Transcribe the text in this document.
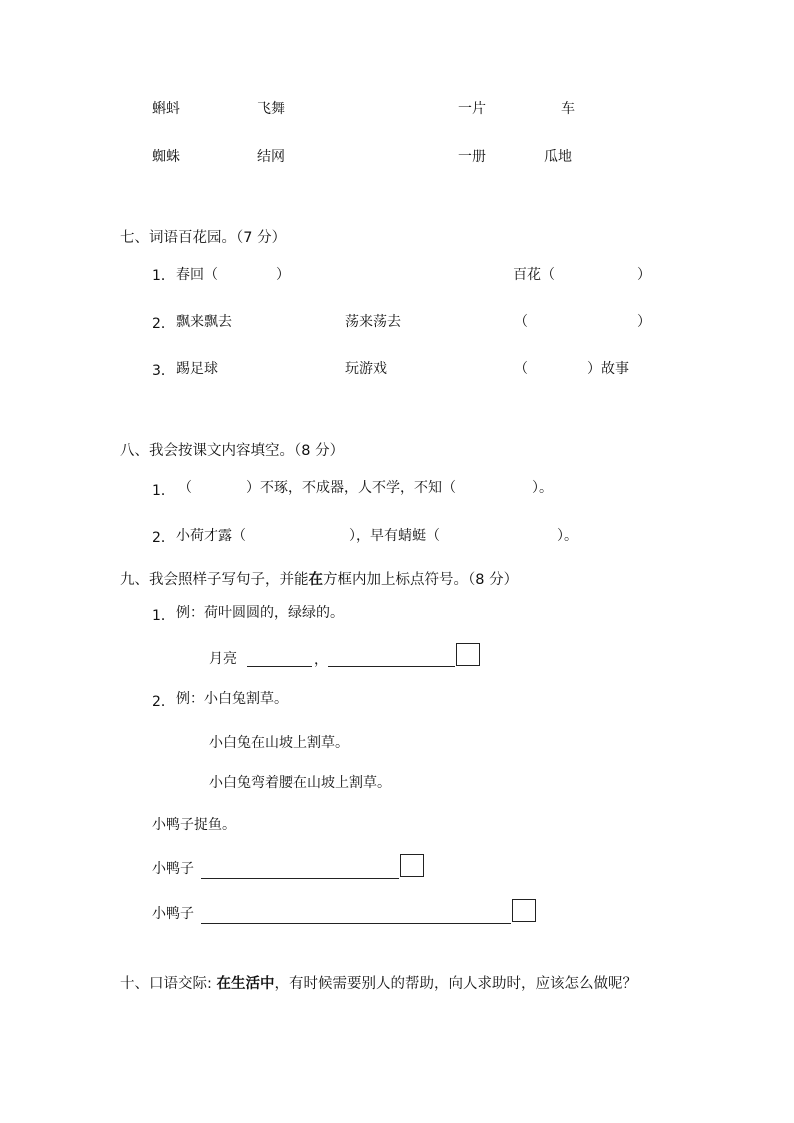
蝌蚪	飞舞	一片	车
蜘蛛	结网	一册	瓜地
七、词语百花园。（7 分）
1． 春回（	）	百花（	）
2． 飘来飘去	荡来荡去	（	）
3． 踢足球	玩游戏	（	）故事
八、我会按课文内容填空。（8 分）
1． （	）不琢，不成器，人不学，不知（	）。
2． 小荷才露（	），早有蜻蜓（	）。
九、我会照样子写句子，并能在方框内加上标点符号。（8 分）
1． 例：荷叶圆圆的，绿绿的。
月亮	，
2． 例：小白兔割草。
小白兔在山坡上割草。
小白兔弯着腰在山坡上割草。
小鸭子捉鱼。
小鸭子
小鸭子
十、口语交际: 在生活中，有时候需要别人的帮助，向人求助时，应该怎么做呢？
